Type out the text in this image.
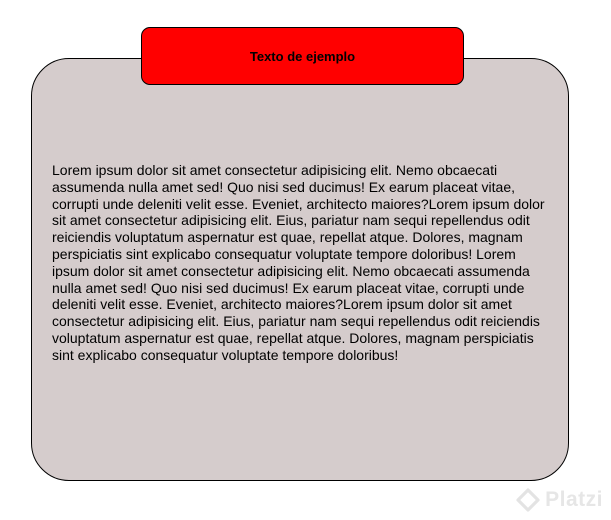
Lorem ipsum dolor sit amet consectetur adipisicing elit. Nemo obcaecati assumenda nulla amet sed! Quo nisi sed ducimus! Ex earum placeat vitae, corrupti unde deleniti velit esse. Eveniet, architecto maiores?Lorem ipsum dolor sit amet consectetur adipisicing elit. Eius, pariatur nam sequi repellendus odit reiciendis voluptatum aspernatur est quae, repellat atque. Dolores, magnam perspiciatis sint explicabo consequatur voluptate tempore doloribus! Lorem ipsum dolor sit amet consectetur adipisicing elit. Nemo obcaecati assumenda nulla amet sed! Quo nisi sed ducimus! Ex earum placeat vitae, corrupti unde deleniti velit esse. Eveniet, architecto maiores?Lorem ipsum dolor sit amet consectetur adipisicing elit. Eius, pariatur nam sequi repellendus odit reiciendis voluptatum aspernatur est quae, repellat atque. Dolores, magnam perspiciatis sint explicabo consequatur voluptate tempore doloribus!

Texto de ejemplo
Platzi
